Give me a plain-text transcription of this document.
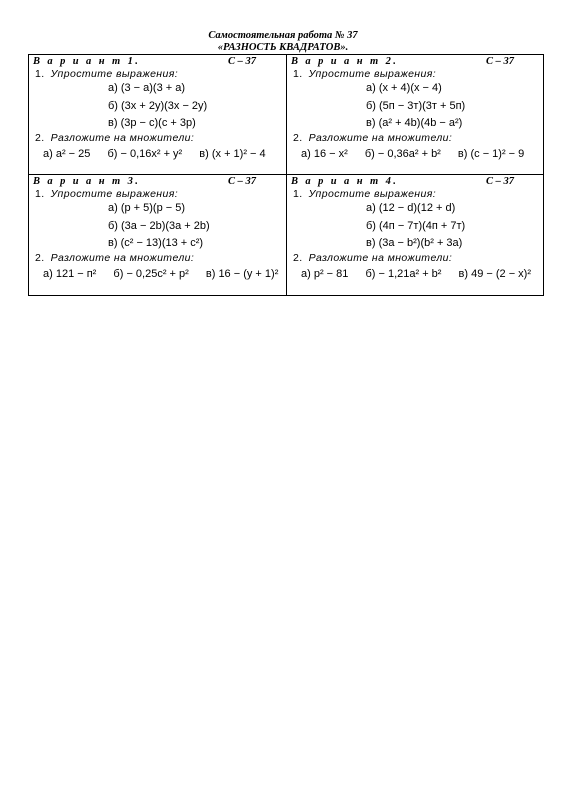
Самостоятельная работа № 37
«РАЗНОСТЬ КВАДРАТОВ».
В а р и а н т 1.	С – 37
1. Упростите выражения:
а) (3 − а)(3 + а)
б) (3х + 2у)(3х − 2у)
в) (3р − с)(с + 3р)
2. Разложите на множители:
а) а² − 25 б) − 0,16х² + у² в) (х + 1)² − 4
В а р и а н т 2.	С – 37
1. Упростите выражения:
а) (х + 4)(х − 4)
б) (5п − 3т)(3т + 5п)
в) (а² + 4b)(4b − а²)
2. Разложите на множители:
а) 16 − х² б) − 0,36а² + b² в) (с − 1)² − 9
В а р и а н т 3.	С – 37
1. Упростите выражения:
а) (р + 5)(р − 5)
б) (3а − 2b)(3а + 2b)
в) (с² − 13)(13 + с²)
2. Разложите на множители:
а) 121 − п² б) − 0,25с² + р² в) 16 − (у + 1)²
В а р и а н т 4.	С – 37
1. Упростите выражения:
а) (12 − d)(12 + d)
б) (4п − 7т)(4п + 7т)
в) (3а − b²)(b² + 3а)
2. Разложите на множители:
а) р² − 81 б) − 1,21а² + b² в) 49 − (2 − х)²
